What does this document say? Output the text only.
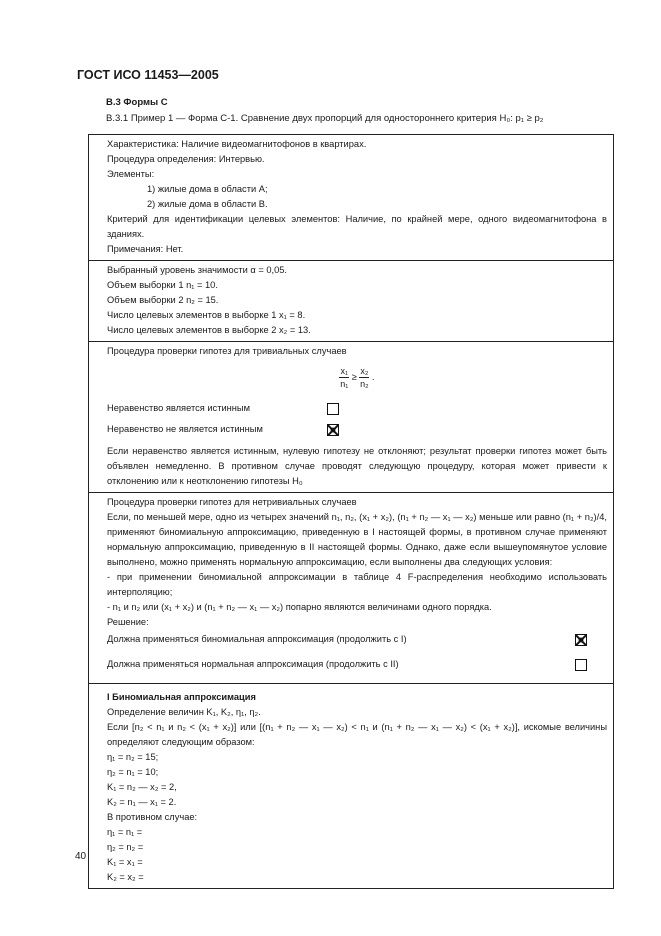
ГОСТ ИСО 11453—2005
В.3 Формы С
В.3.1 Пример 1 — Форма С-1. Сравнение двух пропорций для одностороннего критерия H₀: p₁ ≥ p₂
Характеристика: Наличие видеомагнитофонов в квартирах.
Процедура определения: Интервью.
Элементы:
1) жилые дома в области А;
2) жилые дома в области В.
Критерий для идентификации целевых элементов: Наличие, по крайней мере, одного видеомагнитофона в зданиях.
Примечания: Нет.
Выбранный уровень значимости α = 0,05.
Объем выборки 1 n₁ = 10.
Объем выборки 2 n₂ = 15.
Число целевых элементов в выборке 1 x₁ = 8.
Число целевых элементов в выборке 2 x₂ = 13.
Процедура проверки гипотез для тривиальных случаев
$\frac{\text{x₁}}{\text{n₁}} \ge \frac{\text{x₂}}{\text{n₂}}$ .
Неравенство является истинным
Неравенство не является истинным
Если неравенство является истинным, нулевую гипотезу не отклоняют; результат проверки гипотез может быть объявлен немедленно. В противном случае проводят следующую процедуру, которая может привести к отклонению или к неотклонению гипотезы H₀
Процедура проверки гипотез для нетривиальных случаев
Если, по меньшей мере, одно из четырех значений n₁, n₂, (x₁ + x₂), (n₁ + n₂ — x₁ — x₂) меньше или равно (n₁ + n₂)/4, применяют биномиальную аппроксимацию, приведенную в I настоящей формы, в противном случае применяют нормальную аппроксимацию, приведенную в II настоящей формы. Однако, даже если вышеупомянутое условие выполнено, можно применять нормальную аппроксимацию, если выполнены два следующих условия:
- при применении биномиальной аппроксимации в таблице 4 F-распределения необходимо использовать интерполяцию;
- n₁ и n₂ или (x₁ + x₂) и (n₁ + n₂ — x₁ — x₂) попарно являются величинами одного порядка.
Решение:
Должна применяться биномиальная аппроксимация (продолжить с I)
Должна применяться нормальная аппроксимация (продолжить с II)
I Биномиальная аппроксимация
Определение величин K₁, K₂, η₁, η₂.
Если [n₂ < n₁ и n₂ < (x₁ + x₂)] или [(n₁ + n₂ — x₁ — x₂) < n₁ и (n₁ + n₂ — x₁ — x₂) < (x₁ + x₂)], искомые величины определяют следующим образом:
η₁ = n₂ = 15;
η₂ = n₁ = 10;
K₁ = n₂ — x₂ = 2,
K₂ = n₁ — x₁ = 2.
В противном случае:
η₁ = n₁ =
η₂ = n₂ =
K₁ = x₁ =
K₂ = x₂ =
40
